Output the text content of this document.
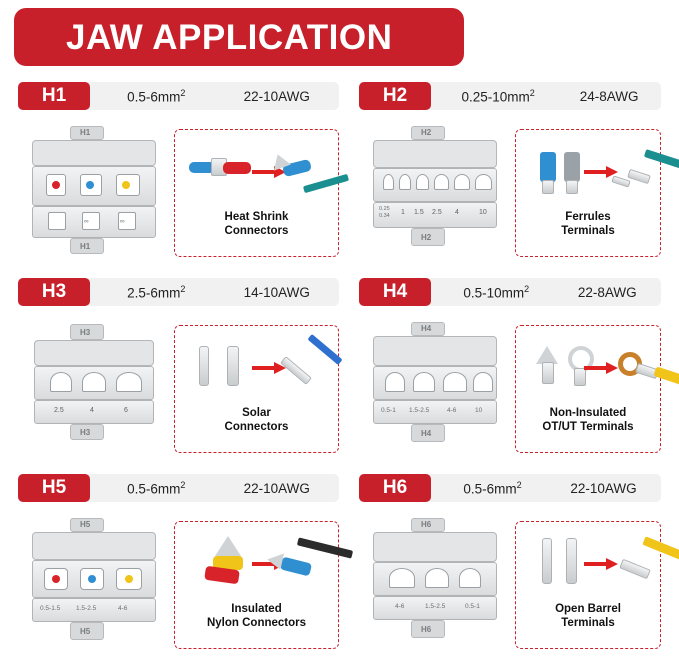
JAW APPLICATION
H1	$0.5-6mm^2$	22-10AWG
H1
∞	∞
H1
Heat Shrink
Connectors
H2	$0.25-10mm^2$	24-8AWG
H2
0.25
0.34 1 1.5 2.5 4	10
H2
Ferrules
Terminals
H3	$2.5-6mm^2$	14-10AWG
H3
2.5	4	6
H3
Solar
Connectors
H4	$0.5-10mm^2$	22-8AWG
H4
0.5-1 1.5-2.5	4-6	10
H4
Non-Insulated
OT/UT Terminals
H5	$0.5-6mm^2$	22-10AWG
H5
0.5-1.5 1.5-2.5	4-6
H5
Insulated
Nylon Connectors
H6	$0.5-6mm^2$	22-10AWG
H6
4-6	1.5-2.5	0.5-1
H6
Open Barrel
Terminals
